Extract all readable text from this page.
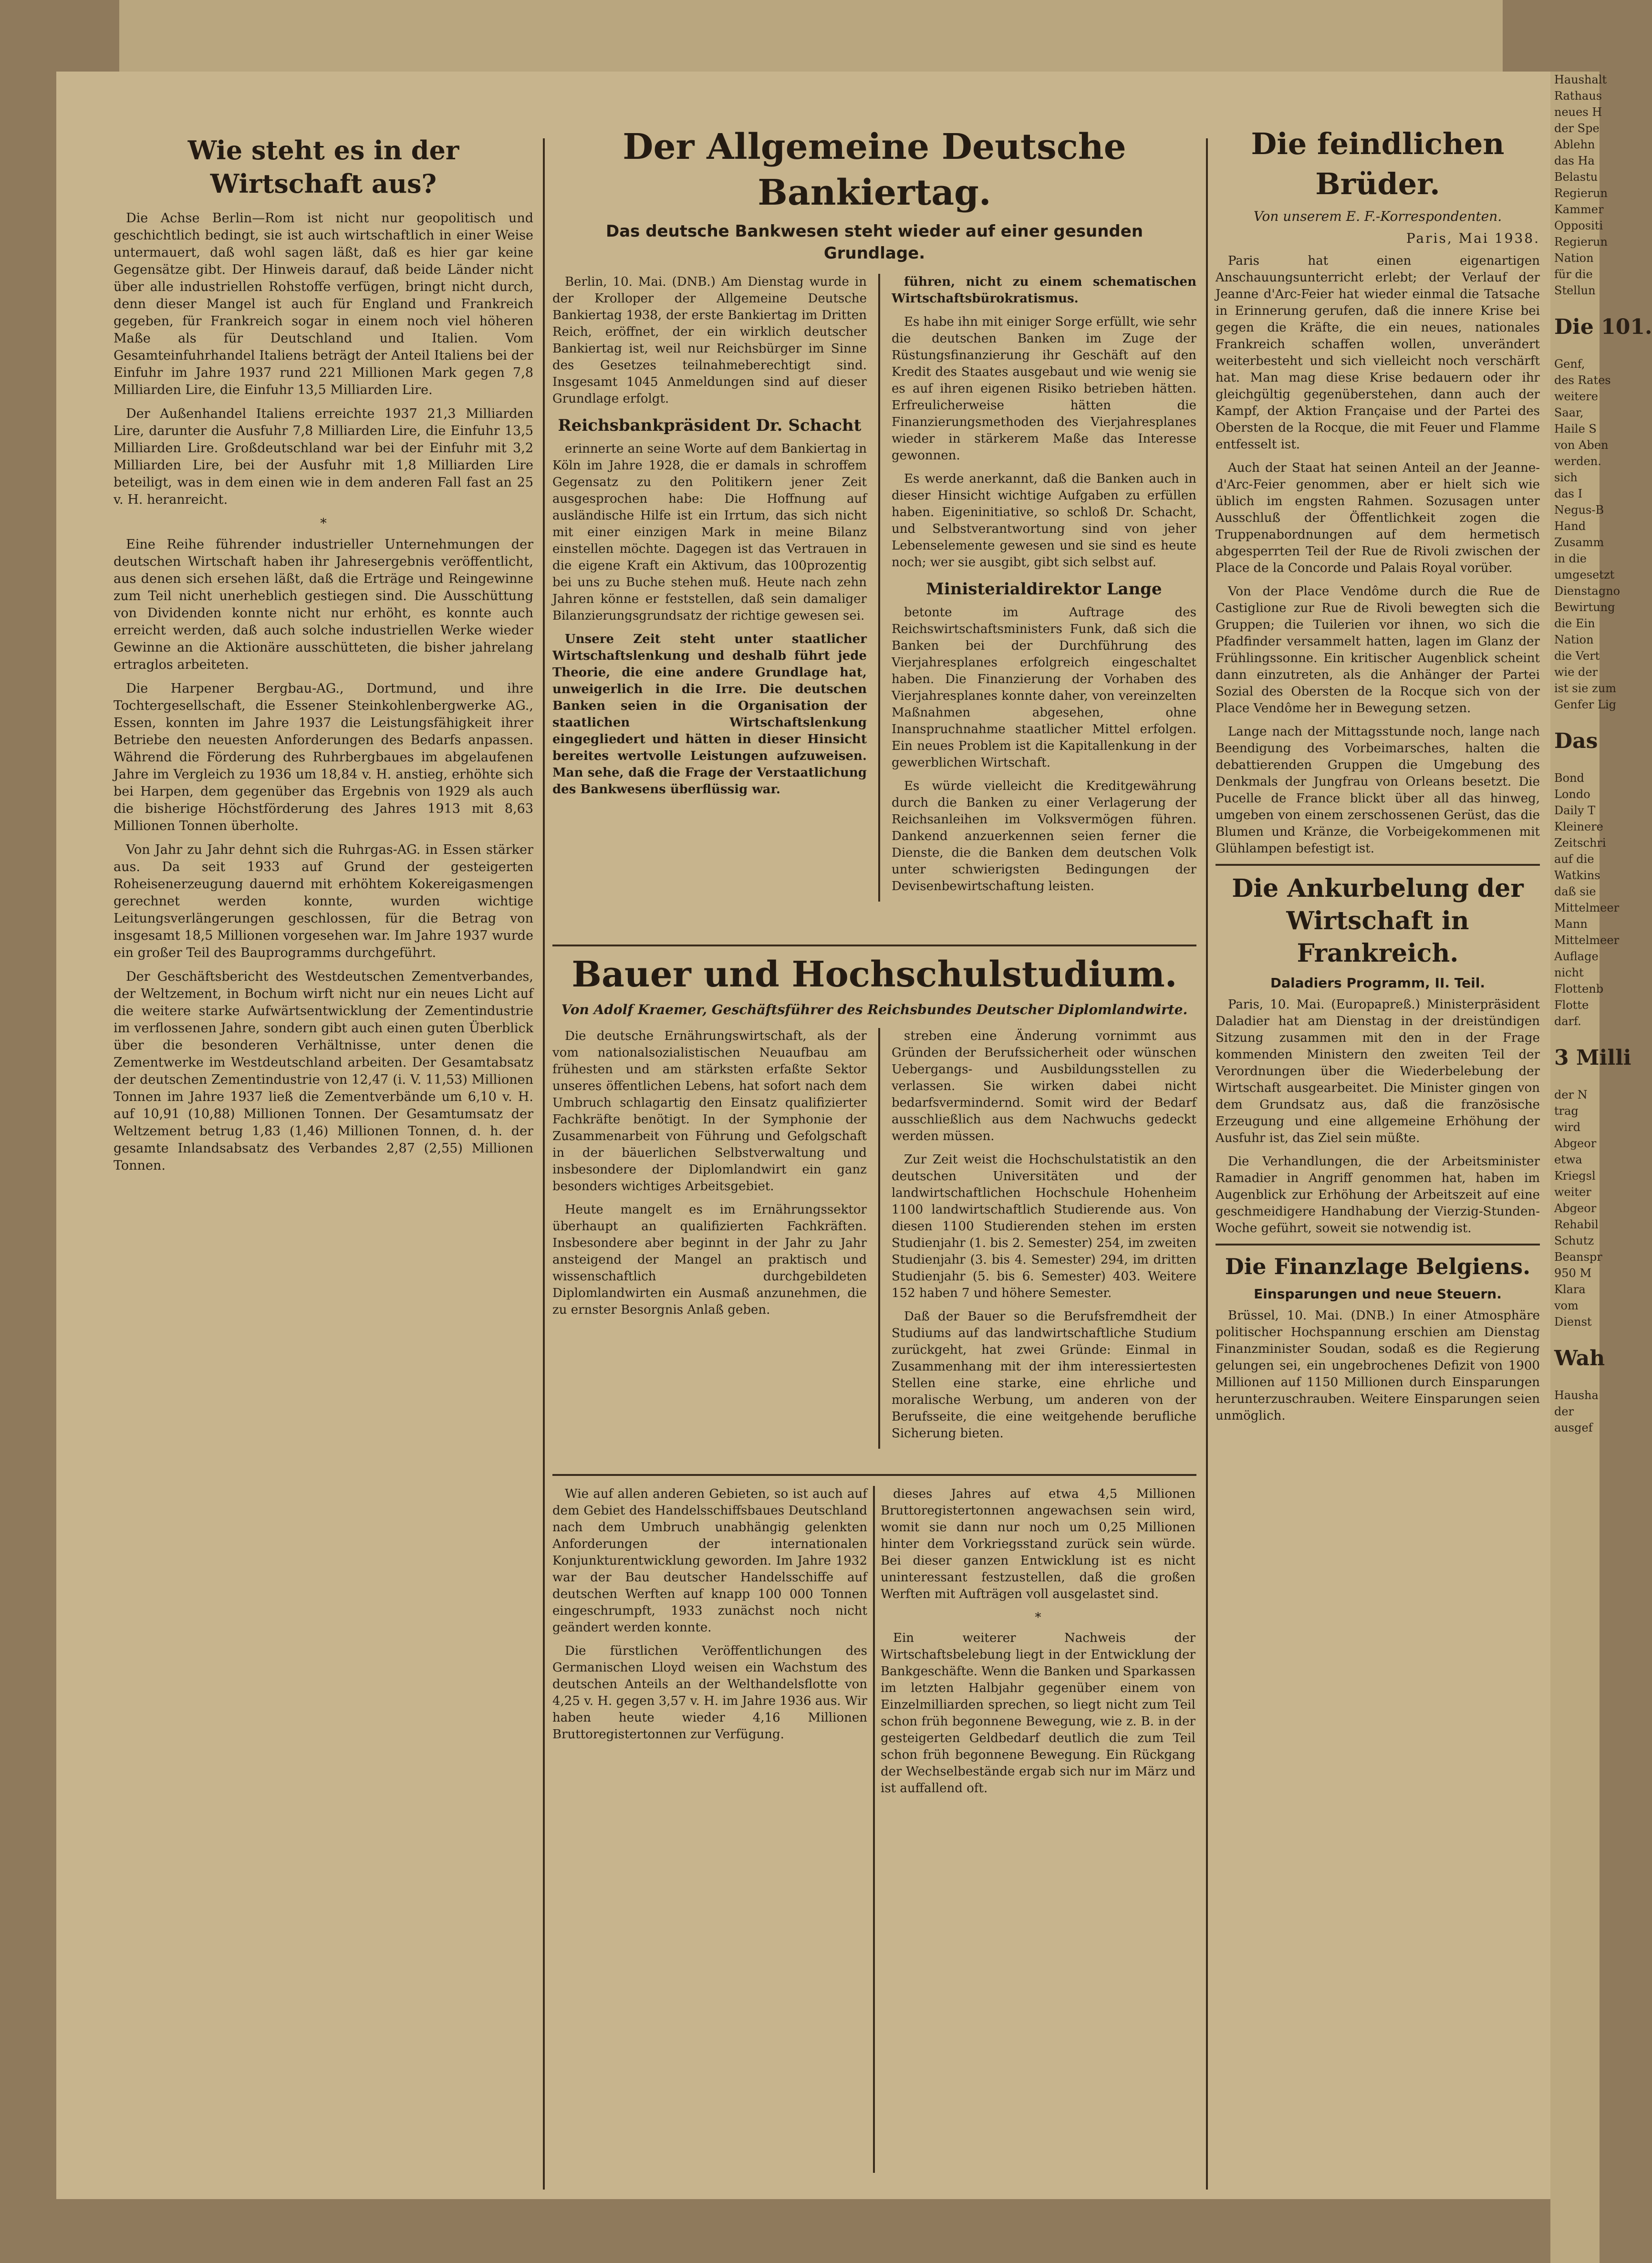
Wie steht es in der Wirtschaft aus?
Die Achse Berlin—Rom ist nicht nur geopolitisch und geschichtlich bedingt, sie ist auch wirtschaftlich in einer Weise untermauert, daß wohl sagen läßt, daß es hier gar keine Gegensätze gibt. Der Hinweis darauf, daß beide Länder nicht über alle industriellen Rohstoffe verfügen, bringt nicht durch, denn dieser Mangel ist auch für England und Frankreich gegeben, für Frankreich sogar in einem noch viel höheren Maße als für Deutschland und Italien. Vom Gesamteinfuhrhandel Italiens beträgt der Anteil Italiens bei der Einfuhr im Jahre 1937 rund 221 Millionen Mark gegen 7,8 Milliarden Lire, die Einfuhr 13,5 Milliarden Lire.
Der Außenhandel Italiens erreichte 1937 21,3 Milliarden Lire, darunter die Ausfuhr 7,8 Milliarden Lire, die Einfuhr 13,5 Milliarden Lire. Großdeutschland war bei der Einfuhr mit 3,2 Milliarden Lire, bei der Ausfuhr mit 1,8 Milliarden Lire beteiligt, was in dem einen wie in dem anderen Fall fast an 25 v. H. heranreicht.
*
Eine Reihe führender industrieller Unternehmungen der deutschen Wirtschaft haben ihr Jahresergebnis veröffentlicht, aus denen sich ersehen läßt, daß die Erträge und Reingewinne zum Teil nicht unerheblich gestiegen sind. Die Ausschüttung von Dividenden konnte nicht nur erhöht, es konnte auch erreicht werden, daß auch solche industriellen Werke wieder Gewinne an die Aktionäre ausschütteten, die bisher jahrelang ertraglos arbeiteten.
Die Harpener Bergbau-AG., Dortmund, und ihre Tochtergesellschaft, die Essener Steinkohlenbergwerke AG., Essen, konnten im Jahre 1937 die Leistungsfähigkeit ihrer Betriebe den neuesten Anforderungen des Bedarfs anpassen. Während die Förderung des Ruhrbergbaues im abgelaufenen Jahre im Vergleich zu 1936 um 18,84 v. H. anstieg, erhöhte sich bei Harpen, dem gegenüber das Ergebnis von 1929 als auch die bisherige Höchstförderung des Jahres 1913 mit 8,63 Millionen Tonnen überholte.
Von Jahr zu Jahr dehnt sich die Ruhrgas-AG. in Essen stärker aus. Da seit 1933 auf Grund der gesteigerten Roheisenerzeugung dauernd mit erhöhtem Kokereigasmengen gerechnet werden konnte, wurden wichtige Leitungsverlängerungen geschlossen, für die Betrag von insgesamt 18,5 Millionen vorgesehen war. Im Jahre 1937 wurde ein großer Teil des Bauprogramms durchgeführt.
Der Geschäftsbericht des Westdeutschen Zementverbandes, der Weltzement, in Bochum wirft nicht nur ein neues Licht auf die weitere starke Aufwärtsentwicklung der Zementindustrie im verflossenen Jahre, sondern gibt auch einen guten Überblick über die besonderen Verhältnisse, unter denen die Zementwerke im Westdeutschland arbeiten. Der Gesamtabsatz der deutschen Zementindustrie von 12,47 (i. V. 11,53) Millionen Tonnen im Jahre 1937 ließ die Zementverbände um 6,10 v. H. auf 10,91 (10,88) Millionen Tonnen. Der Gesamtumsatz der Weltzement betrug 1,83 (1,46) Millionen Tonnen, d. h. der gesamte Inlandsabsatz des Verbandes 2,87 (2,55) Millionen Tonnen.
Der Allgemeine Deutsche Bankiertag.
Das deutsche Bankwesen steht wieder auf einer gesunden Grundlage.
Berlin, 10. Mai. (DNB.) Am Dienstag wurde in der Krolloper der Allgemeine Deutsche Bankiertag 1938, der erste Bankiertag im Dritten Reich, eröffnet, der ein wirklich deutscher Bankiertag ist, weil nur Reichsbürger im Sinne des Gesetzes teilnahmeberechtigt sind. Insgesamt 1045 Anmeldungen sind auf dieser Grundlage erfolgt.
Reichsbankpräsident Dr. Schacht
erinnerte an seine Worte auf dem Bankiertag in Köln im Jahre 1928, die er damals in schroffem Gegensatz zu den Politikern jener Zeit ausgesprochen habe: Die Hoffnung auf ausländische Hilfe ist ein Irrtum, das sich nicht mit einer einzigen Mark in meine Bilanz einstellen möchte. Dagegen ist das Vertrauen in die eigene Kraft ein Aktivum, das 100prozentig bei uns zu Buche stehen muß. Heute nach zehn Jahren könne er feststellen, daß sein damaliger Bilanzierungsgrundsatz der richtige gewesen sei.
Unsere Zeit steht unter staatlicher Wirtschaftslenkung und deshalb führt jede Theorie, die eine andere Grundlage hat, unweigerlich in die Irre. Die deutschen Banken seien in die Organisation der staatlichen Wirtschaftslenkung eingegliedert und hätten in dieser Hinsicht bereites wertvolle Leistungen aufzuweisen. Man sehe, daß die Frage der Verstaatlichung des Bankwesens überflüssig war.
führen, nicht zu einem schematischen Wirtschaftsbürokratismus.
Es habe ihn mit einiger Sorge erfüllt, wie sehr die deutschen Banken im Zuge der Rüstungsfinanzierung ihr Geschäft auf den Kredit des Staates ausgebaut und wie wenig sie es auf ihren eigenen Risiko betrieben hätten. Erfreulicherweise hätten die Finanzierungsmethoden des Vierjahresplanes wieder in stärkerem Maße das Interesse gewonnen.
Es werde anerkannt, daß die Banken auch in dieser Hinsicht wichtige Aufgaben zu erfüllen haben. Eigeninitiative, so schloß Dr. Schacht, und Selbstverantwortung sind von jeher Lebenselemente gewesen und sie sind es heute noch; wer sie ausgibt, gibt sich selbst auf.
Ministerialdirektor Lange
betonte im Auftrage des Reichswirtschaftsministers Funk, daß sich die Banken bei der Durchführung des Vierjahresplanes erfolgreich eingeschaltet haben. Die Finanzierung der Vorhaben des Vierjahresplanes konnte daher, von vereinzelten Maßnahmen abgesehen, ohne Inanspruchnahme staatlicher Mittel erfolgen. Ein neues Problem ist die Kapitallenkung in der gewerblichen Wirtschaft.
Es würde vielleicht die Kreditgewährung durch die Banken zu einer Verlagerung der Reichsanleihen im Volksvermögen führen. Dankend anzuerkennen seien ferner die Dienste, die die Banken dem deutschen Volk unter schwierigsten Bedingungen der Devisenbewirtschaftung leisten.
Bauer und Hochschulstudium.
Von Adolf Kraemer, Geschäftsführer des Reichsbundes Deutscher Diplomlandwirte.
Die deutsche Ernährungswirtschaft, als der vom nationalsozialistischen Neuaufbau am frühesten und am stärksten erfaßte Sektor unseres öffentlichen Lebens, hat sofort nach dem Umbruch schlagartig den Einsatz qualifizierter Fachkräfte benötigt. In der Symphonie der Zusammenarbeit von Führung und Gefolgschaft in der bäuerlichen Selbstverwaltung und insbesondere der Diplomlandwirt ein ganz besonders wichtiges Arbeitsgebiet.
Heute mangelt es im Ernährungssektor überhaupt an qualifizierten Fachkräften. Insbesondere aber beginnt in der Jahr zu Jahr ansteigend der Mangel an praktisch und wissenschaftlich durchgebildeten Diplomlandwirten ein Ausmaß anzunehmen, die zu ernster Besorgnis Anlaß geben.
streben eine Änderung vornimmt aus Gründen der Berufssicherheit oder wünschen Uebergangs- und Ausbildungsstellen zu verlassen. Sie wirken dabei nicht bedarfsvermindernd. Somit wird der Bedarf ausschließlich aus dem Nachwuchs gedeckt werden müssen.
Zur Zeit weist die Hochschulstatistik an den deutschen Universitäten und der landwirtschaftlichen Hochschule Hohenheim 1100 landwirtschaftlich Studierende aus. Von diesen 1100 Studierenden stehen im ersten Studienjahr (1. bis 2. Semester) 254, im zweiten Studienjahr (3. bis 4. Semester) 294, im dritten Studienjahr (5. bis 6. Semester) 403. Weitere 152 haben 7 und höhere Semester.
Daß der Bauer so die Berufsfremdheit der Studiums auf das landwirtschaftliche Studium zurückgeht, hat zwei Gründe: Einmal in Zusammenhang mit der ihm interessiertesten Stellen eine starke, eine ehrliche und moralische Werbung, um anderen von der Berufsseite, die eine weitgehende berufliche Sicherung bieten.
Wie auf allen anderen Gebieten, so ist auch auf dem Gebiet des Handelsschiffsbaues Deutschland nach dem Umbruch unabhängig gelenkten Anforderungen der internationalen Konjunkturentwicklung geworden. Im Jahre 1932 war der Bau deutscher Handelsschiffe auf deutschen Werften auf knapp 100 000 Tonnen eingeschrumpft, 1933 zunächst noch nicht geändert werden konnte.
Die fürstlichen Veröffentlichungen des Germanischen Lloyd weisen ein Wachstum des deutschen Anteils an der Welthandelsflotte von 4,25 v. H. gegen 3,57 v. H. im Jahre 1936 aus. Wir haben heute wieder 4,16 Millionen Bruttoregistertonnen zur Verfügung.
dieses Jahres auf etwa 4,5 Millionen Bruttoregistertonnen angewachsen sein wird, womit sie dann nur noch um 0,25 Millionen hinter dem Vorkriegsstand zurück sein würde. Bei dieser ganzen Entwicklung ist es nicht uninteressant festzustellen, daß die großen Werften mit Aufträgen voll ausgelastet sind.
*
Ein weiterer Nachweis der Wirtschaftsbelebung liegt in der Entwicklung der Bankgeschäfte. Wenn die Banken und Sparkassen im letzten Halbjahr gegenüber einem von Einzelmilliarden sprechen, so liegt nicht zum Teil schon früh begonnene Bewegung, wie z. B. in der gesteigerten Geldbedarf deutlich die zum Teil schon früh begonnene Bewegung. Ein Rückgang der Wechselbestände ergab sich nur im März und ist auffallend oft.
Die feindlichen Brüder.
Von unserem E. F.-Korrespondenten.
Paris, Mai 1938.
Paris hat einen eigenartigen Anschauungsunterricht erlebt; der Verlauf der Jeanne d'Arc-Feier hat wieder einmal die Tatsache in Erinnerung gerufen, daß die innere Krise bei gegen die Kräfte, die ein neues, nationales Frankreich schaffen wollen, unverändert weiterbesteht und sich vielleicht noch verschärft hat. Man mag diese Krise bedauern oder ihr gleichgültig gegenüberstehen, dann auch der Kampf, der Aktion Française und der Partei des Obersten de la Rocque, die mit Feuer und Flamme entfesselt ist.
Auch der Staat hat seinen Anteil an der Jeanne-d'Arc-Feier genommen, aber er hielt sich wie üblich im engsten Rahmen. Sozusagen unter Ausschluß der Öffentlichkeit zogen die Truppenabordnungen auf dem hermetisch abgesperrten Teil der Rue de Rivoli zwischen der Place de la Concorde und Palais Royal vorüber.
Von der Place Vendôme durch die Rue de Castiglione zur Rue de Rivoli bewegten sich die Gruppen; die Tuilerien vor ihnen, wo sich die Pfadfinder versammelt hatten, lagen im Glanz der Frühlingssonne. Ein kritischer Augenblick scheint dann einzutreten, als die Anhänger der Partei Sozial des Obersten de la Rocque sich von der Place Vendôme her in Bewegung setzen.
Lange nach der Mittagsstunde noch, lange nach Beendigung des Vorbeimarsches, halten die debattierenden Gruppen die Umgebung des Denkmals der Jungfrau von Orleans besetzt. Die Pucelle de France blickt über all das hinweg, umgeben von einem zerschossenen Gerüst, das die Blumen und Kränze, die Vorbeigekommenen mit Glühlampen befestigt ist.
Die Ankurbelung der Wirtschaft in Frankreich.
Daladiers Programm, II. Teil.
Paris, 10. Mai. (Europapreß.) Ministerpräsident Daladier hat am Dienstag in der dreistündigen Sitzung zusammen mit den in der Frage kommenden Ministern den zweiten Teil der Verordnungen über die Wiederbelebung der Wirtschaft ausgearbeitet. Die Minister gingen von dem Grundsatz aus, daß die französische Erzeugung und eine allgemeine Erhöhung der Ausfuhr ist, das Ziel sein müßte.
Die Verhandlungen, die der Arbeitsminister Ramadier in Angriff genommen hat, haben im Augenblick zur Erhöhung der Arbeitszeit auf eine geschmeidigere Handhabung der Vierzig-Stunden-Woche geführt, soweit sie notwendig ist.
Die Finanzlage Belgiens.
Einsparungen und neue Steuern.
Brüssel, 10. Mai. (DNB.) In einer Atmosphäre politischer Hochspannung erschien am Dienstag Finanzminister Soudan, sodaß es die Regierung gelungen sei, ein ungebrochenes Defizit von 1900 Millionen auf 1150 Millionen durch Einsparungen herunterzuschrauben. Weitere Einsparungen seien unmöglich.
Haushalt
Rathaus
neues H
der Spe
Ablehn
das Ha
Belastu
Regierun
Kammer
Oppositi
Regierun
Nation
für die
Stellun
Die 101.
Genf,
des Rates
weitere
Saar,
Haile S
von Aben
werden.
sich
das I
Negus-B
Hand
Zusamm
in die
umgesetzt
Dienstagno
Bewirtung
die Ein
Nation
die Vert
wie der
ist sie zum
Genfer Lig
Das
Bond
Londo
Daily T
Kleinere
Zeitschri
auf die
Watkins
daß sie
Mittelmeer
Mann
Mittelmeer
Auflage
nicht
Flottenb
Flotte
darf.
3 Milli
der N
trag
wird
Abgeor
etwa
Kriegsl
weiter
Abgeor
Rehabil
Schutz
Beanspr
950 M
Klara
vom
Dienst
Wah
Hausha
der
ausgef
